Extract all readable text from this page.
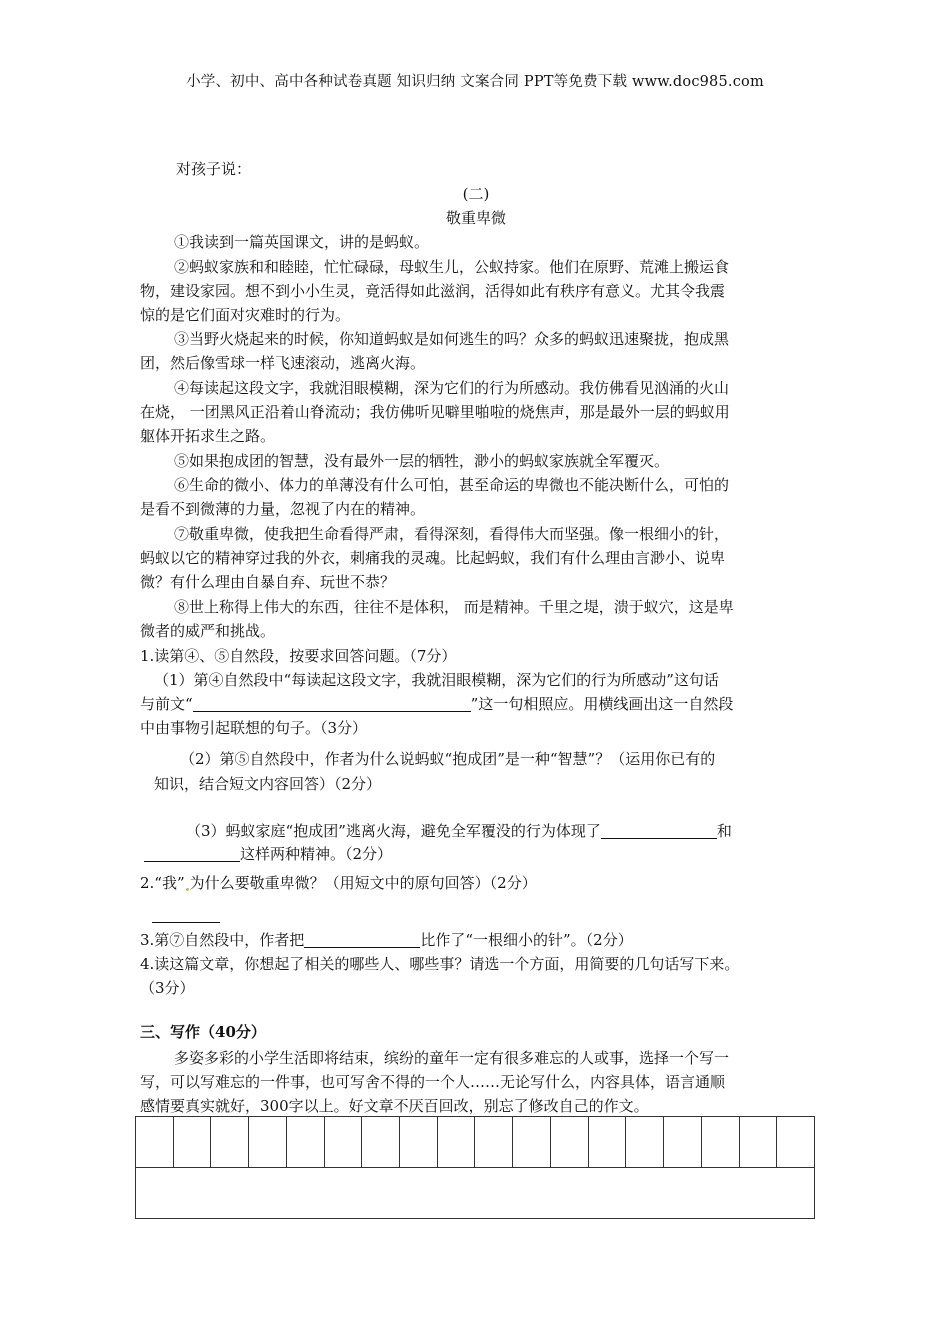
小学、初中、高中各种试卷真题 知识归纳 文案合同 PPT等免费下载 www.doc985.com
对孩子说：
(二)
敬重卑微
①我读到一篇英国课文，讲的是蚂蚁。
②蚂蚁家族和和睦睦，忙忙碌碌，母蚁生儿，公蚁持家。他们在原野、荒滩上搬运食
物，建设家园。想不到小小生灵，竟活得如此滋润，活得如此有秩序有意义。尤其令我震
惊的是它们面对灾难时的行为。
③当野火烧起来的时候，你知道蚂蚁是如何逃生的吗？众多的蚂蚁迅速聚拢，抱成黑
团，然后像雪球一样飞速滚动，逃离火海。
④每读起这段文字，我就泪眼模糊，深为它们的行为所感动。我仿佛看见汹涌的火山
在烧， 一团黑风正沿着山脊流动；我仿佛听见噼里啪啦的烧焦声，那是最外一层的蚂蚁用
躯体开拓求生之路。
⑤如果抱成团的智慧，没有最外一层的牺牲，渺小的蚂蚁家族就全军覆灭。
⑥生命的微小、体力的单薄没有什么可怕，甚至命运的卑微也不能决断什么，可怕的
是看不到微薄的力量，忽视了内在的精神。
⑦敬重卑微，使我把生命看得严肃，看得深刻，看得伟大而坚强。像一根细小的针，
蚂蚁以它的精神穿过我的外衣，刺痛我的灵魂。比起蚂蚁，我们有什么理由言渺小、说卑
微？有什么理由自暴自弃、玩世不恭？
⑧世上称得上伟大的东西，往往不是体积， 而是精神。千里之堤，溃于蚁穴，这是卑
微者的威严和挑战。
1.读第④、⑤自然段，按要求回答问题。（7分）
（1）第④自然段中“每读起这段文字，我就泪眼模糊，深为它们的行为所感动”这句话
与前文“	”这一句相照应。用横线画出这一自然段
中由事物引起联想的句子。（3分）
（2）第⑤自然段中，作者为什么说蚂蚁“抱成团”是一种“智慧”？（运用你已有的
知识，结合短文内容回答）（2分）
（3）蚂蚁家庭“抱成团”逃离火海，避免全军覆没的行为体现了	和
这样两种精神。（2分）
2.“我” 为什么要敬重卑微？（用短文中的原句回答）（2分）
3.第⑦自然段中，作者把	比作了“一根细小的针”。（2分）
4.读这篇文章，你想起了相关的哪些人、哪些事？请选一个方面，用简要的几句话写下来。
（3分）
三、写作（40分）
多姿多彩的小学生活即将结束，缤纷的童年一定有很多难忘的人或事，选择一个写一
写，可以写难忘的一件事，也可写舍不得的一个人……无论写什么，内容具体，语言通顺
感情要真实就好，300字以上。好文章不厌百回改，别忘了修改自己的作文。
